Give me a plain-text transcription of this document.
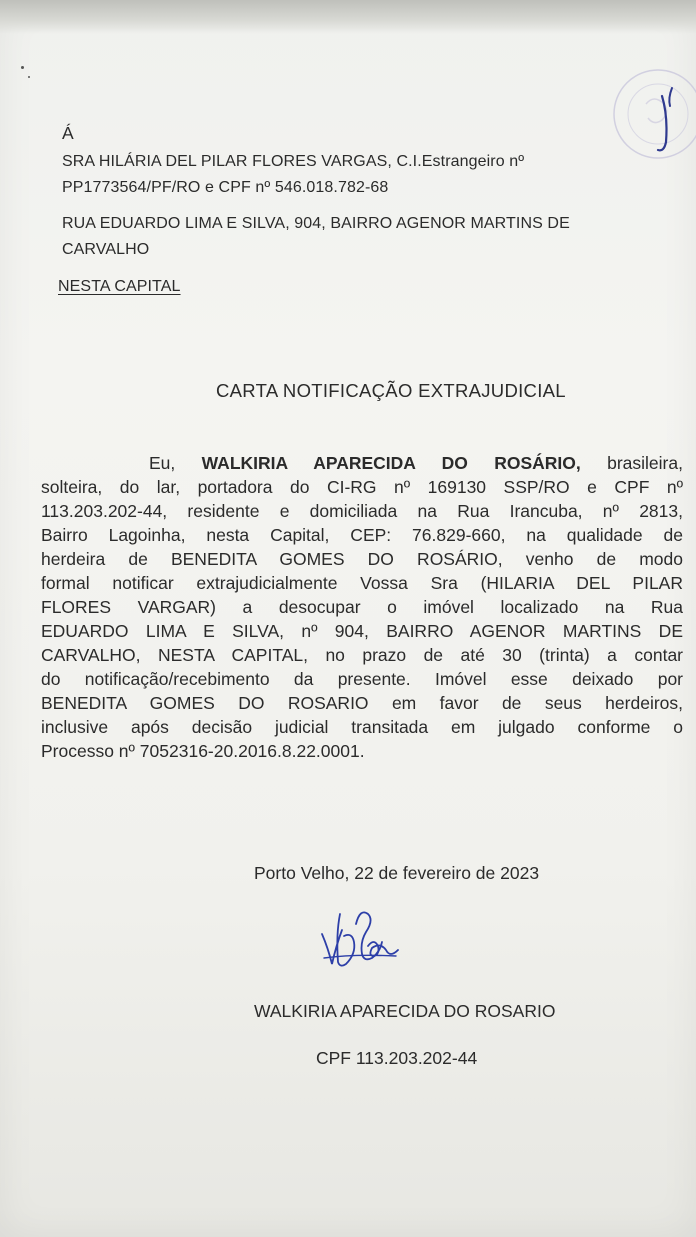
Á
SRA HILÁRIA DEL PILAR FLORES VARGAS, C.I.Estrangeiro nº
PP1773564/PF/RO e CPF nº 546.018.782-68
RUA EDUARDO LIMA E SILVA, 904, BAIRRO AGENOR MARTINS DE
CARVALHO
NESTA CAPITAL
CARTA NOTIFICAÇÃO EXTRAJUDICIAL
Eu, WALKIRIA APARECIDA DO ROSÁRIO, brasileira,
solteira, do lar, portadora do CI-RG nº 169130 SSP/RO e CPF nº
113.203.202-44, residente e domiciliada na Rua Irancuba, nº 2813,
Bairro Lagoinha, nesta Capital, CEP: 76.829-660, na qualidade de
herdeira de BENEDITA GOMES DO ROSÁRIO, venho de modo
formal notificar extrajudicialmente Vossa Sra (HILARIA DEL PILAR
FLORES VARGAR) a desocupar o imóvel localizado na Rua
EDUARDO LIMA E SILVA, nº 904, BAIRRO AGENOR MARTINS DE
CARVALHO, NESTA CAPITAL, no prazo de até 30 (trinta) a contar
do notificação/recebimento da presente. Imóvel esse deixado por
BENEDITA GOMES DO ROSARIO em favor de seus herdeiros,
inclusive após decisão judicial transitada em julgado conforme o
Processo nº 7052316-20.2016.8.22.0001.
Porto Velho, 22 de fevereiro de 2023
WALKIRIA APARECIDA DO ROSARIO
CPF 113.203.202-44
